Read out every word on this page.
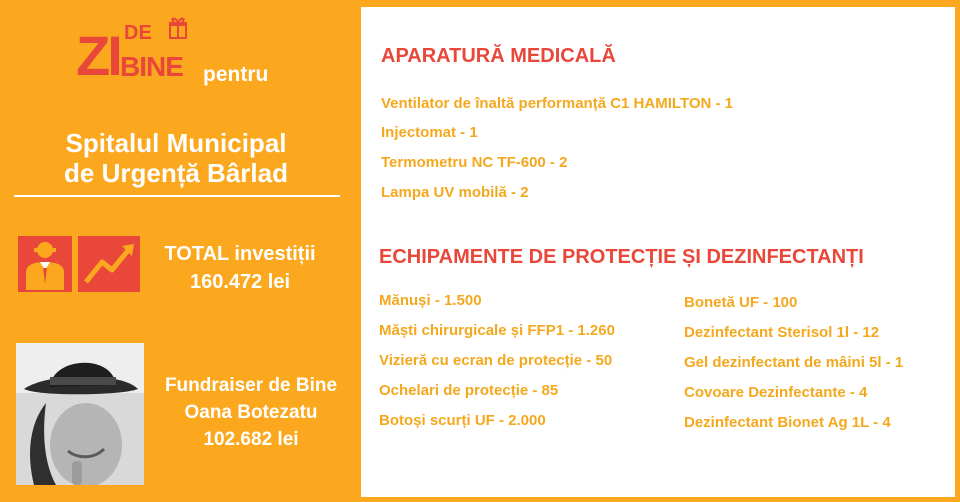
ZI DE
BINE pentru
Spitalul Municipal
de Urgență Bârlad
TOTAL investiții
160.472 lei
Fundraiser de Bine
Oana Botezatu
102.682 lei
APARATURĂ MEDICALĂ
Ventilator de înaltă performanță C1 HAMILTON - 1
Injectomat - 1
Termometru NC TF-600 - 2
Lampa UV mobilă - 2
ECHIPAMENTE DE PROTECȚIE ȘI DEZINFECTANȚI
Mănuși - 1.500
Măști chirurgicale și FFP1 - 1.260
Vizieră cu ecran de protecție - 50
Ochelari de protecție - 85
Botoși scurți UF - 2.000
Bonetă UF - 100
Dezinfectant Sterisol 1l - 12
Gel dezinfectant de mâini 5l - 1
Covoare Dezinfectante - 4
Dezinfectant Bionet Ag 1L - 4
